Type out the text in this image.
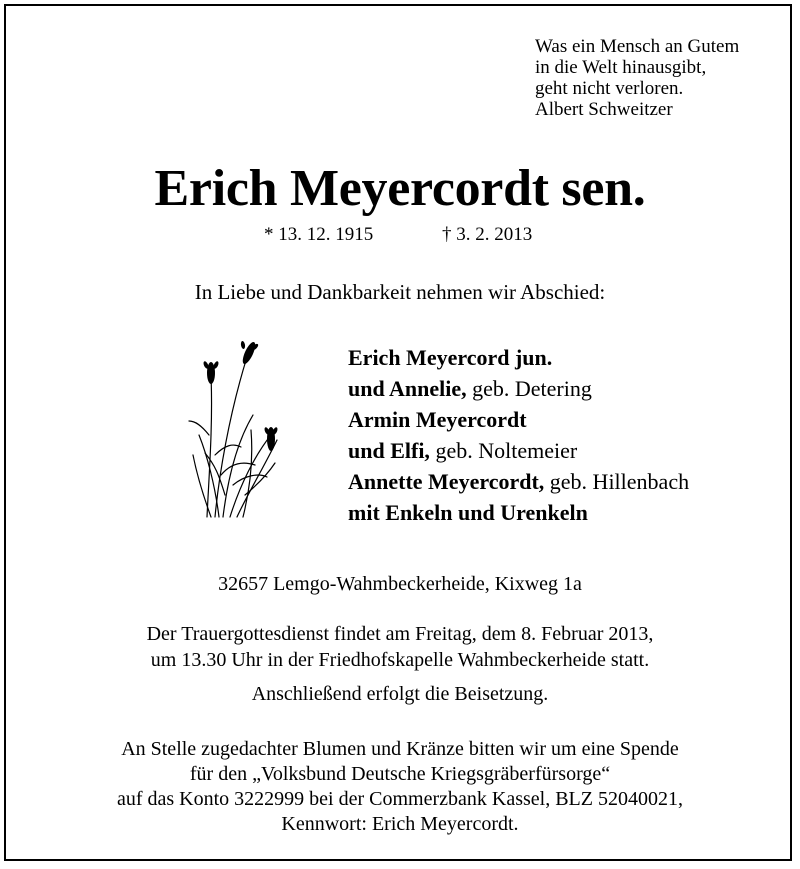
Was ein Mensch an Gutem
in die Welt hinausgibt,
geht nicht verloren.
Albert Schweitzer
Erich Meyercordt sen.
* 13. 12. 1915	† 3. 2. 2013
In Liebe und Dankbarkeit nehmen wir Abschied:
Erich Meyercord jun.
und Annelie, geb. Detering
Armin Meyercordt
und Elfi, geb. Noltemeier
Annette Meyercordt, geb. Hillenbach
mit Enkeln und Urenkeln
32657 Lemgo-Wahmbeckerheide, Kixweg 1a
Der Trauergottesdienst findet am Freitag, dem 8. Februar 2013,
um 13.30 Uhr in der Friedhofskapelle Wahmbeckerheide statt.
Anschließend erfolgt die Beisetzung.
An Stelle zugedachter Blumen und Kränze bitten wir um eine Spende
für den „Volksbund Deutsche Kriegsgräberfürsorge“
auf das Konto 3222999 bei der Commerzbank Kassel, BLZ 52040021,
Kennwort: Erich Meyercordt.
